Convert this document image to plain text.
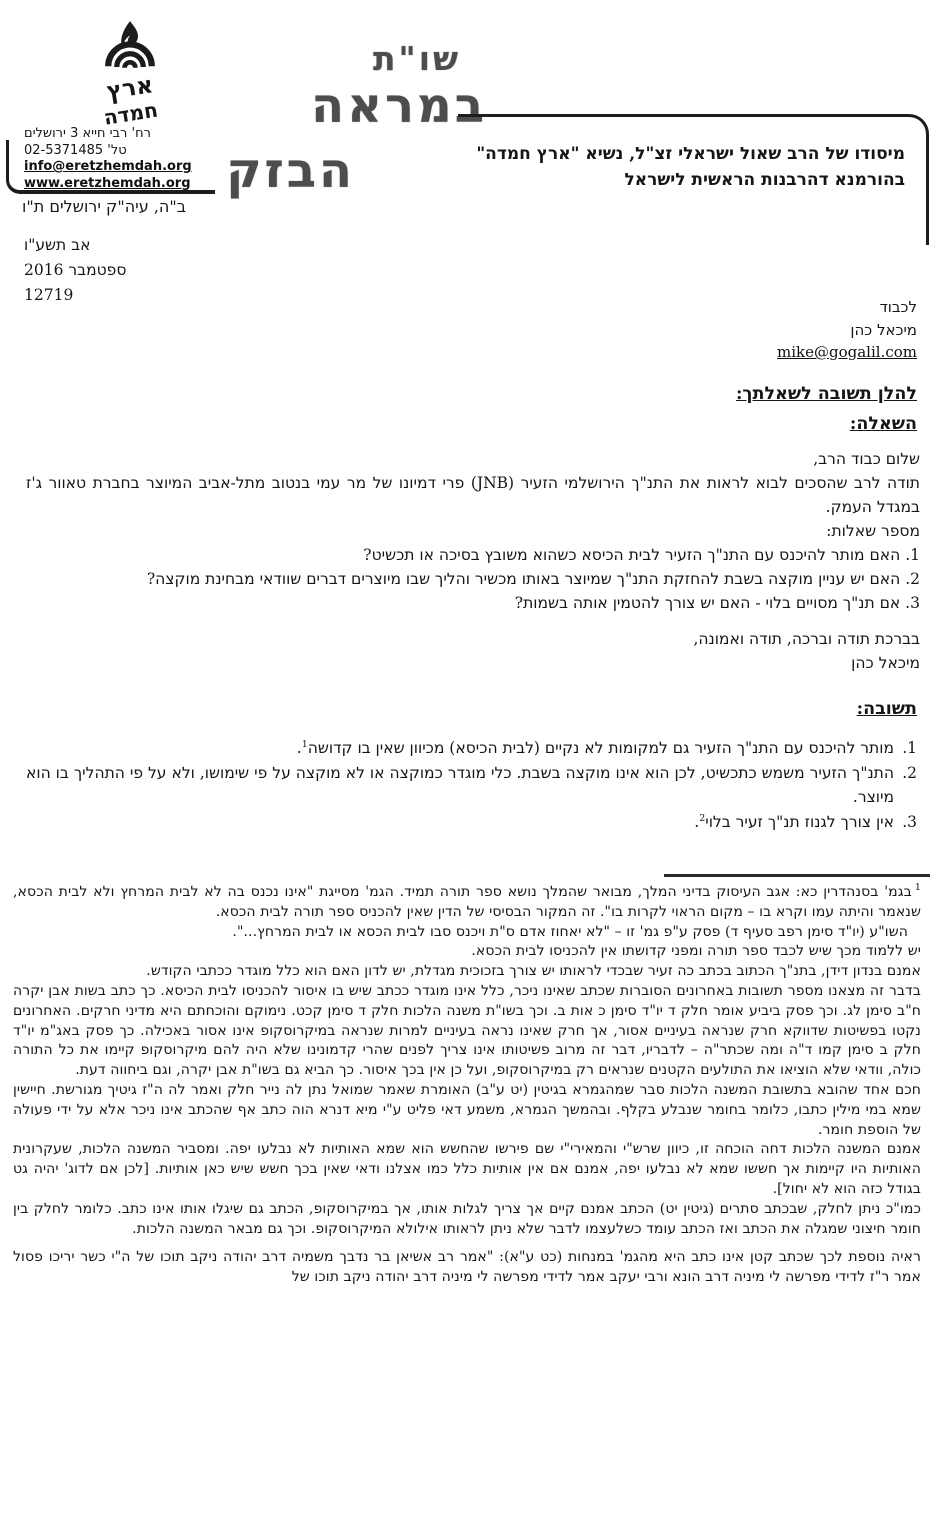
ארץ
חמדה
רח' רבי חייא 3 ירושלים
טל' 02-5371485
info@eretzhemdah.org
www.eretzhemdah.org
ב"ה, עיה"ק ירושלים ת"ו
שו"ת
במראה
הבזק	מיסודו של הרב שאול ישראלי זצ"ל, נשיא "ארץ חמדה"
בהורמנא דהרבנות הראשית לישראל
אב תשע"ו
ספטמבר 2016
12719
לכבוד
מיכאל כהן
mike@gogalil.com
להלן תשובה לשאלתך:
השאלה:
שלום כבוד הרב,
תודה לרב שהסכים לבוא לראות את התנ"ך הירושלמי הזעיר (JNB) פרי דמיונו של מר עמי בנטוב מתל-אביב המיוצר בחברת טאוור ג'ז במגדל העמק.
מספר שאלות:
1. האם מותר להיכנס עם התנ"ך הזעיר לבית הכיסא כשהוא משובץ בסיכה או תכשיט?
2. האם יש עניין מוקצה בשבת להחזקת התנ"ך שמיוצר באותו מכשיר והליך שבו מיוצרים דברים שוודאי מבחינת מוקצה?
3. אם תנ"ך מסויים בלוי - האם יש צורך להטמין אותה בשמות?
בברכת תודה וברכה, תודה ואמונה,
מיכאל כהן
תשובה:
1.
מותר להיכנס עם התנ"ך הזעיר גם למקומות לא נקיים (לבית הכיסא) מכיוון שאין בו קדושה$^1$.
2.
התנ"ך הזעיר משמש כתכשיט, לכן הוא אינו מוקצה בשבת. כלי מוגדר כמוקצה או לא מוקצה על פי שימושו, ולא על פי התהליך בו הוא מיוצר.
3.
אין צורך לגנוז תנ"ך זעיר בלוי$^2$.

$^1$בגמ' בסנהדרין כא: אגב העיסוק בדיני המלך, מבואר שהמלך נושא ספר תורה תמיד. הגמ' מסייגת "אינו נכנס בה לא לבית המרחץ ולא לבית הכסא, שנאמר והיתה עמו וקרא בו – מקום הראוי לקרות בו". זה המקור הבסיסי של הדין שאין להכניס ספר תורה לבית הכסא.

השו"ע (יו"ד סימן רפב סעיף ד) פסק ע"פ גמ' זו – "לא יאחוז אדם ס"ת ויכנס סבו לבית הכסא או לבית המרחץ...".

יש ללמוד מכך שיש לכבד ספר תורה ומפני קדושתו אין להכניסו לבית הכסא.

אמנם בנדון דידן, בתנ"ך הכתוב בכתב כה זעיר שבכדי לראותו יש צורך בזכוכית מגדלת, יש לדון האם הוא כלל מוגדר ככתבי הקודש.

בדבר זה מצאנו מספר תשובות באחרונים הסוברות שכתב שאינו ניכר, כלל אינו מוגדר ככתב שיש בו איסור להכניסו לבית הכיסא. כך כתב בשות אבן יקרה ח"ב סימן לג. וכך פסק ביביע אומר חלק ד יו"ד סימן כ אות ב. וכך בשו"ת משנה הלכות חלק ד סימן קכט. נימוקם והוכחתם היא מדיני חרקים. האחרונים נקטו בפשיטות שדווקא חרק שנראה בעיניים אסור, אך חרק שאינו נראה בעיניים למרות שנראה במיקרוסקופ אינו אסור באכילה. כך פסק באג"מ יו"ד חלק ב סימן קמו ד"ה ומה שכתר"ה – לדבריו, דבר זה מרוב פשיטותו אינו צריך לפנים שהרי קדמונינו שלא היה להם מיקרוסקופ קיימו את כל התורה כולה, וודאי שלא הוציאו את התולעים הקטנים שנראים רק במיקרוסקופ, ועל כן אין בכך איסור. כך הביא גם בשו"ת אבן יקרה, וגם ביחווה דעת.

חכם אחד שהובא בתשובת המשנה הלכות סבר שמהגמרא בגיטין (יט ע"ב) האומרת שאמר שמואל נתן לה נייר חלק ואמר לה ה"ז גיטיך מגורשת. חיישין שמא במי מילין כתבו, כלומר בחומר שנבלע בקלף. ובהמשך הגמרא, משמע דאי פליט ע"י מיא דנרא הוה כתב אף שהכתב אינו ניכר אלא על ידי פעולה של הוספת חומר.

אמנם המשנה הלכות דחה הוכחה זו, כיוון שרש"י והמאירי"י שם פירשו שהחשש הוא שמא האותיות לא נבלעו יפה. ומסביר המשנה הלכות, שעקרונית האותיות היו קיימות אך חששו שמא לא נבלעו יפה, אמנם אם אין אותיות כלל כמו אצלנו ודאי שאין בכך חשש שיש כאן אותיות. [לכן אם לדוג' יהיה גט בגודל כזה הוא לא יחול].

כמו"כ ניתן לחלק, שבכתב סתרים (גיטין יט) הכתב אמנם קיים אך צריך לגלות אותו, אך במיקרוסקופ, הכתב גם שיגלו אותו אינו כתב. כלומר לחלק בין חומר חיצוני שמגלה את הכתב ואז הכתב עומד כשלעצמו לדבר שלא ניתן לראותו אילולא המיקרוסקופ. וכך גם מבאר המשנה הלכות.

ראיה נוספת לכך שכתב קטן אינו כתב היא מהגמ' במנחות (כט ע"א): "אמר רב אשיאן בר נדבך משמיה דרב יהודה ניקב תוכו של ה"י כשר יריכו פסול אמר ר"ז לדידי מפרשה לי מיניה דרב הונא ורבי יעקב אמר לדידי מפרשה לי מיניה דרב יהודה ניקב תוכו של
